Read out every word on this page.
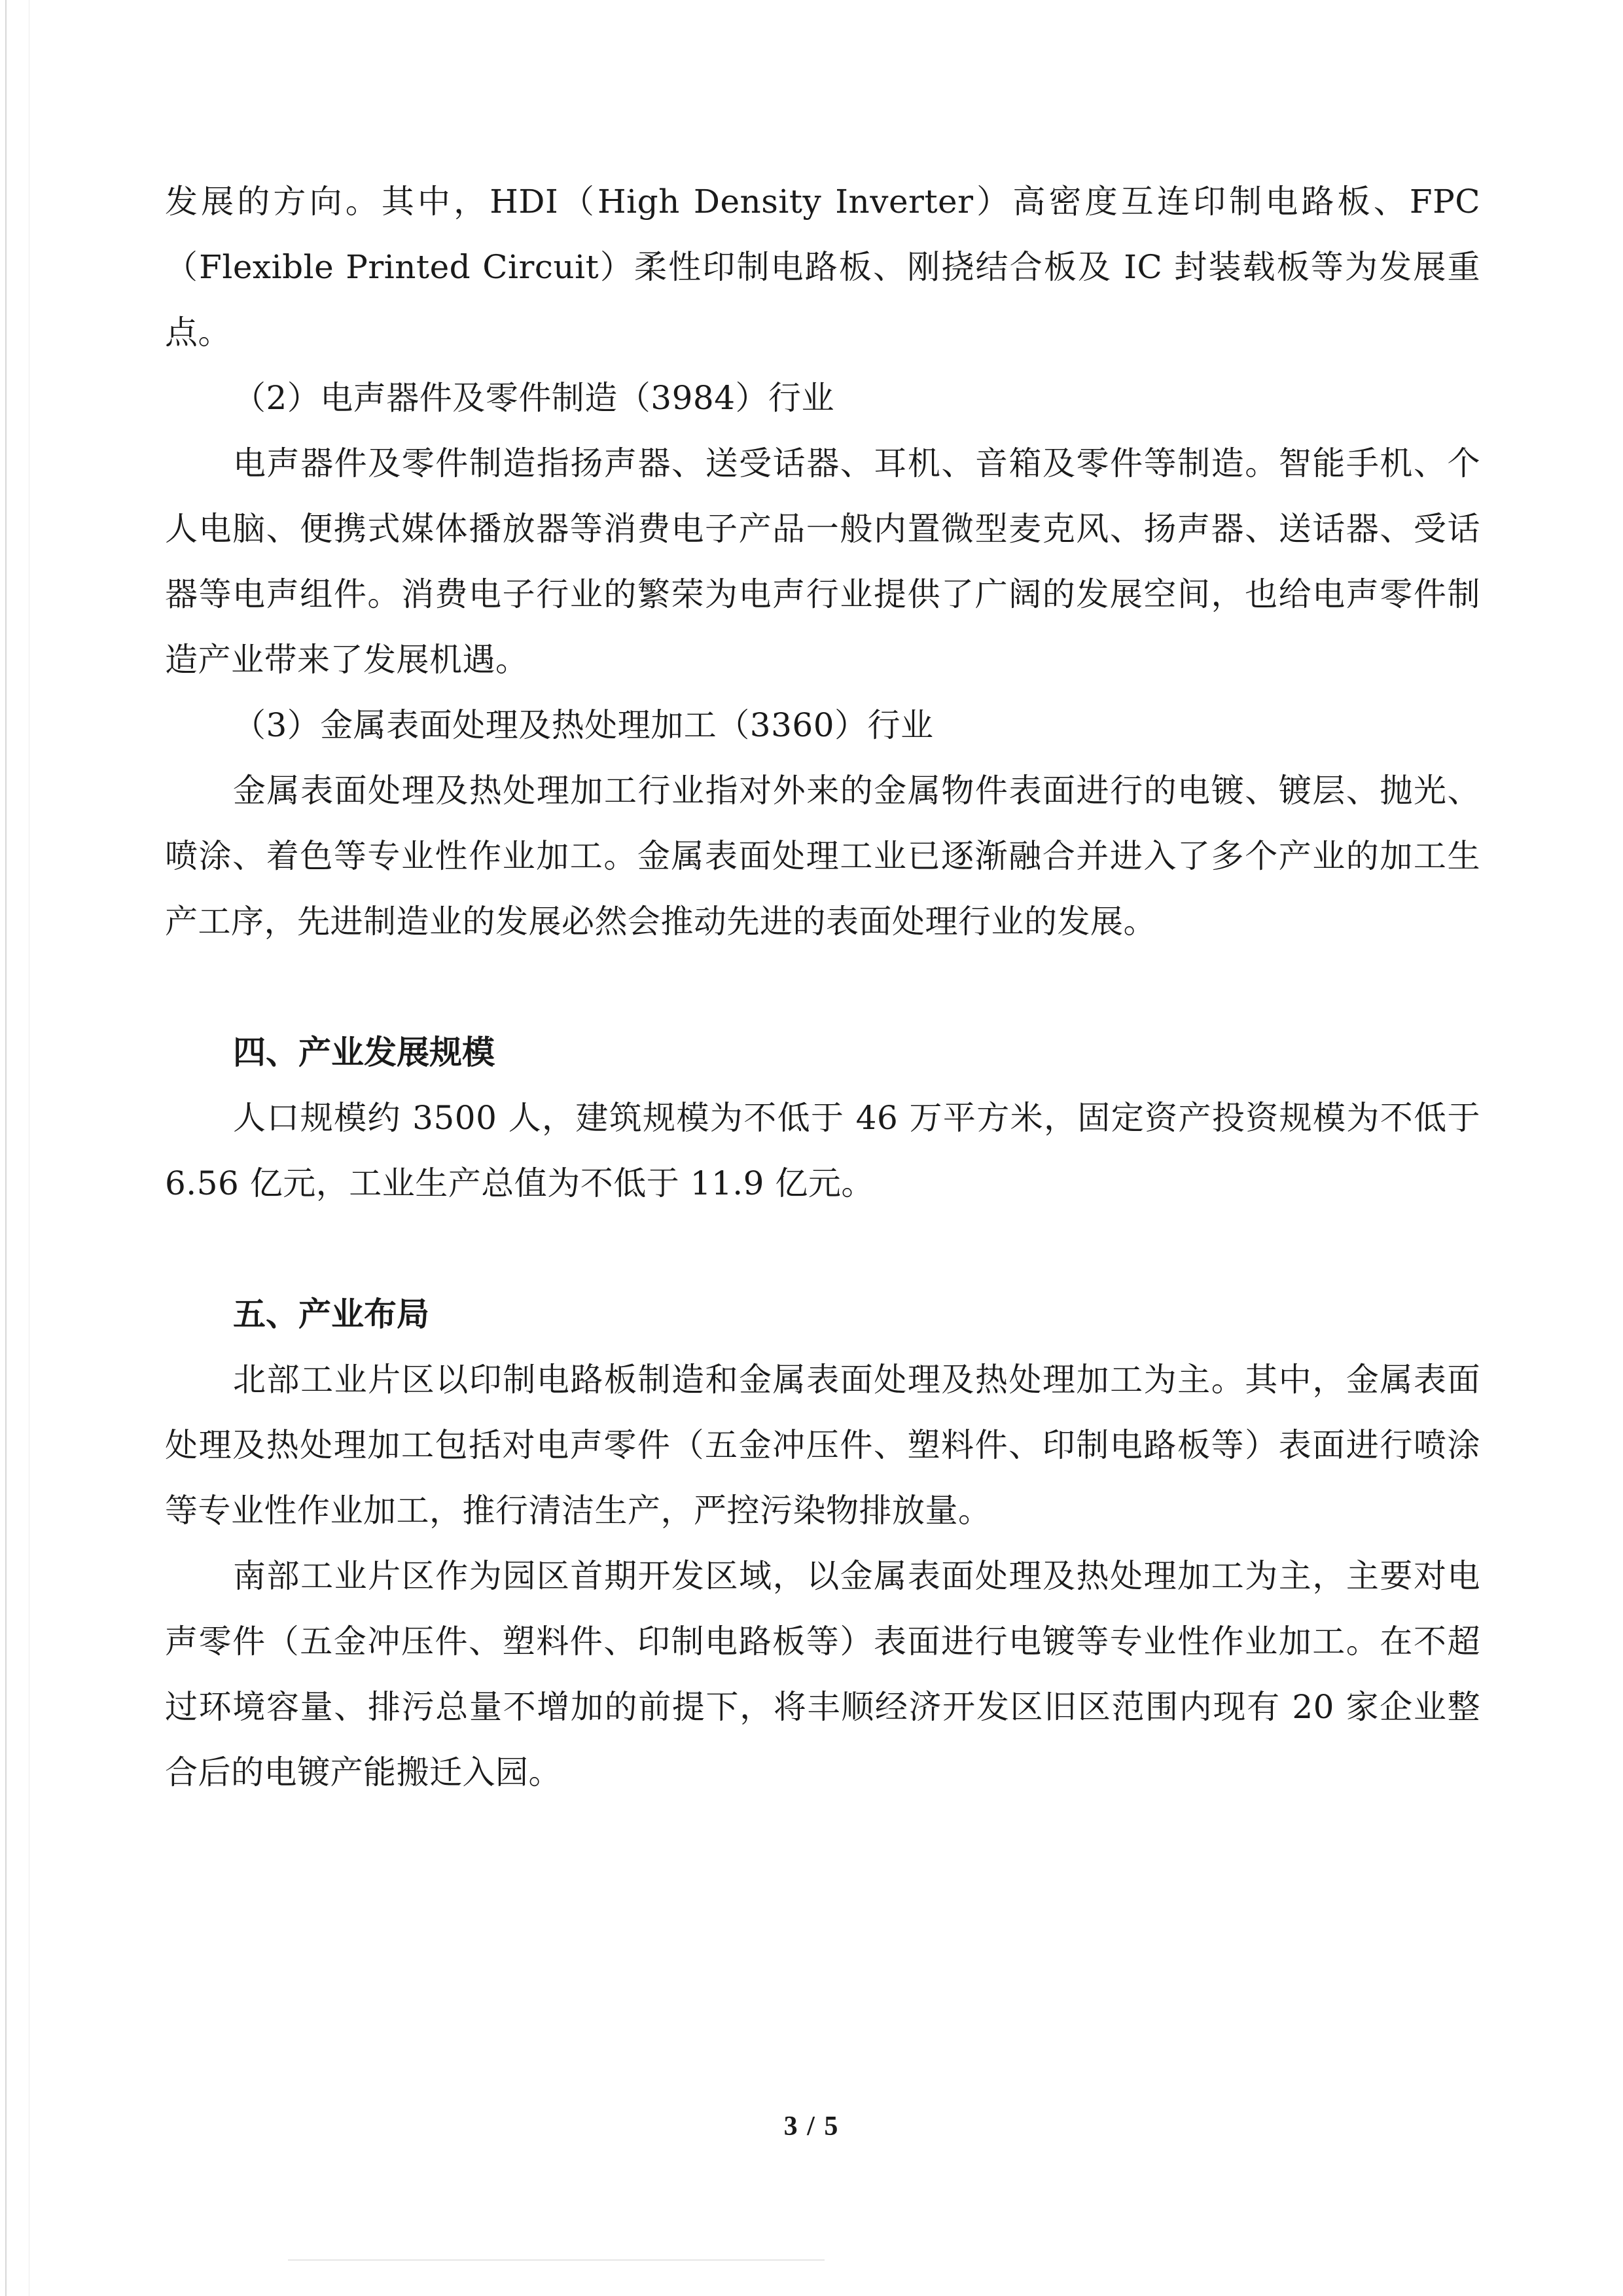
发展的方向。其中，HDI（High Density Inverter）高密度互连印制电路板、FPC（Flexible Printed Circuit）柔性印制电路板、刚挠结合板及 IC 封装载板等为发展重点。

（2）电声器件及零件制造（3984）行业

电声器件及零件制造指扬声器、送受话器、耳机、音箱及零件等制造。智能手机、个人电脑、便携式媒体播放器等消费电子产品一般内置微型麦克风、扬声器、送话器、受话器等电声组件。消费电子行业的繁荣为电声行业提供了广阔的发展空间，也给电声零件制造产业带来了发展机遇。

（3）金属表面处理及热处理加工（3360）行业

金属表面处理及热处理加工行业指对外来的金属物件表面进行的电镀、镀层、抛光、喷涂、着色等专业性作业加工。金属表面处理工业已逐渐融合并进入了多个产业的加工生产工序，先进制造业的发展必然会推动先进的表面处理行业的发展。

四、产业发展规模

人口规模约 3500 人，建筑规模为不低于 46 万平方米，固定资产投资规模为不低于 6.56 亿元，工业生产总值为不低于 11.9 亿元。

五、产业布局

北部工业片区以印制电路板制造和金属表面处理及热处理加工为主。其中，金属表面处理及热处理加工包括对电声零件（五金冲压件、塑料件、印制电路板等）表面进行喷涂等专业性作业加工，推行清洁生产，严控污染物排放量。

南部工业片区作为园区首期开发区域，以金属表面处理及热处理加工为主，主要对电声零件（五金冲压件、塑料件、印制电路板等）表面进行电镀等专业性作业加工。在不超过环境容量、排污总量不增加的前提下，将丰顺经济开发区旧区范围内现有 20 家企业整合后的电镀产能搬迁入园。

3 / 5
